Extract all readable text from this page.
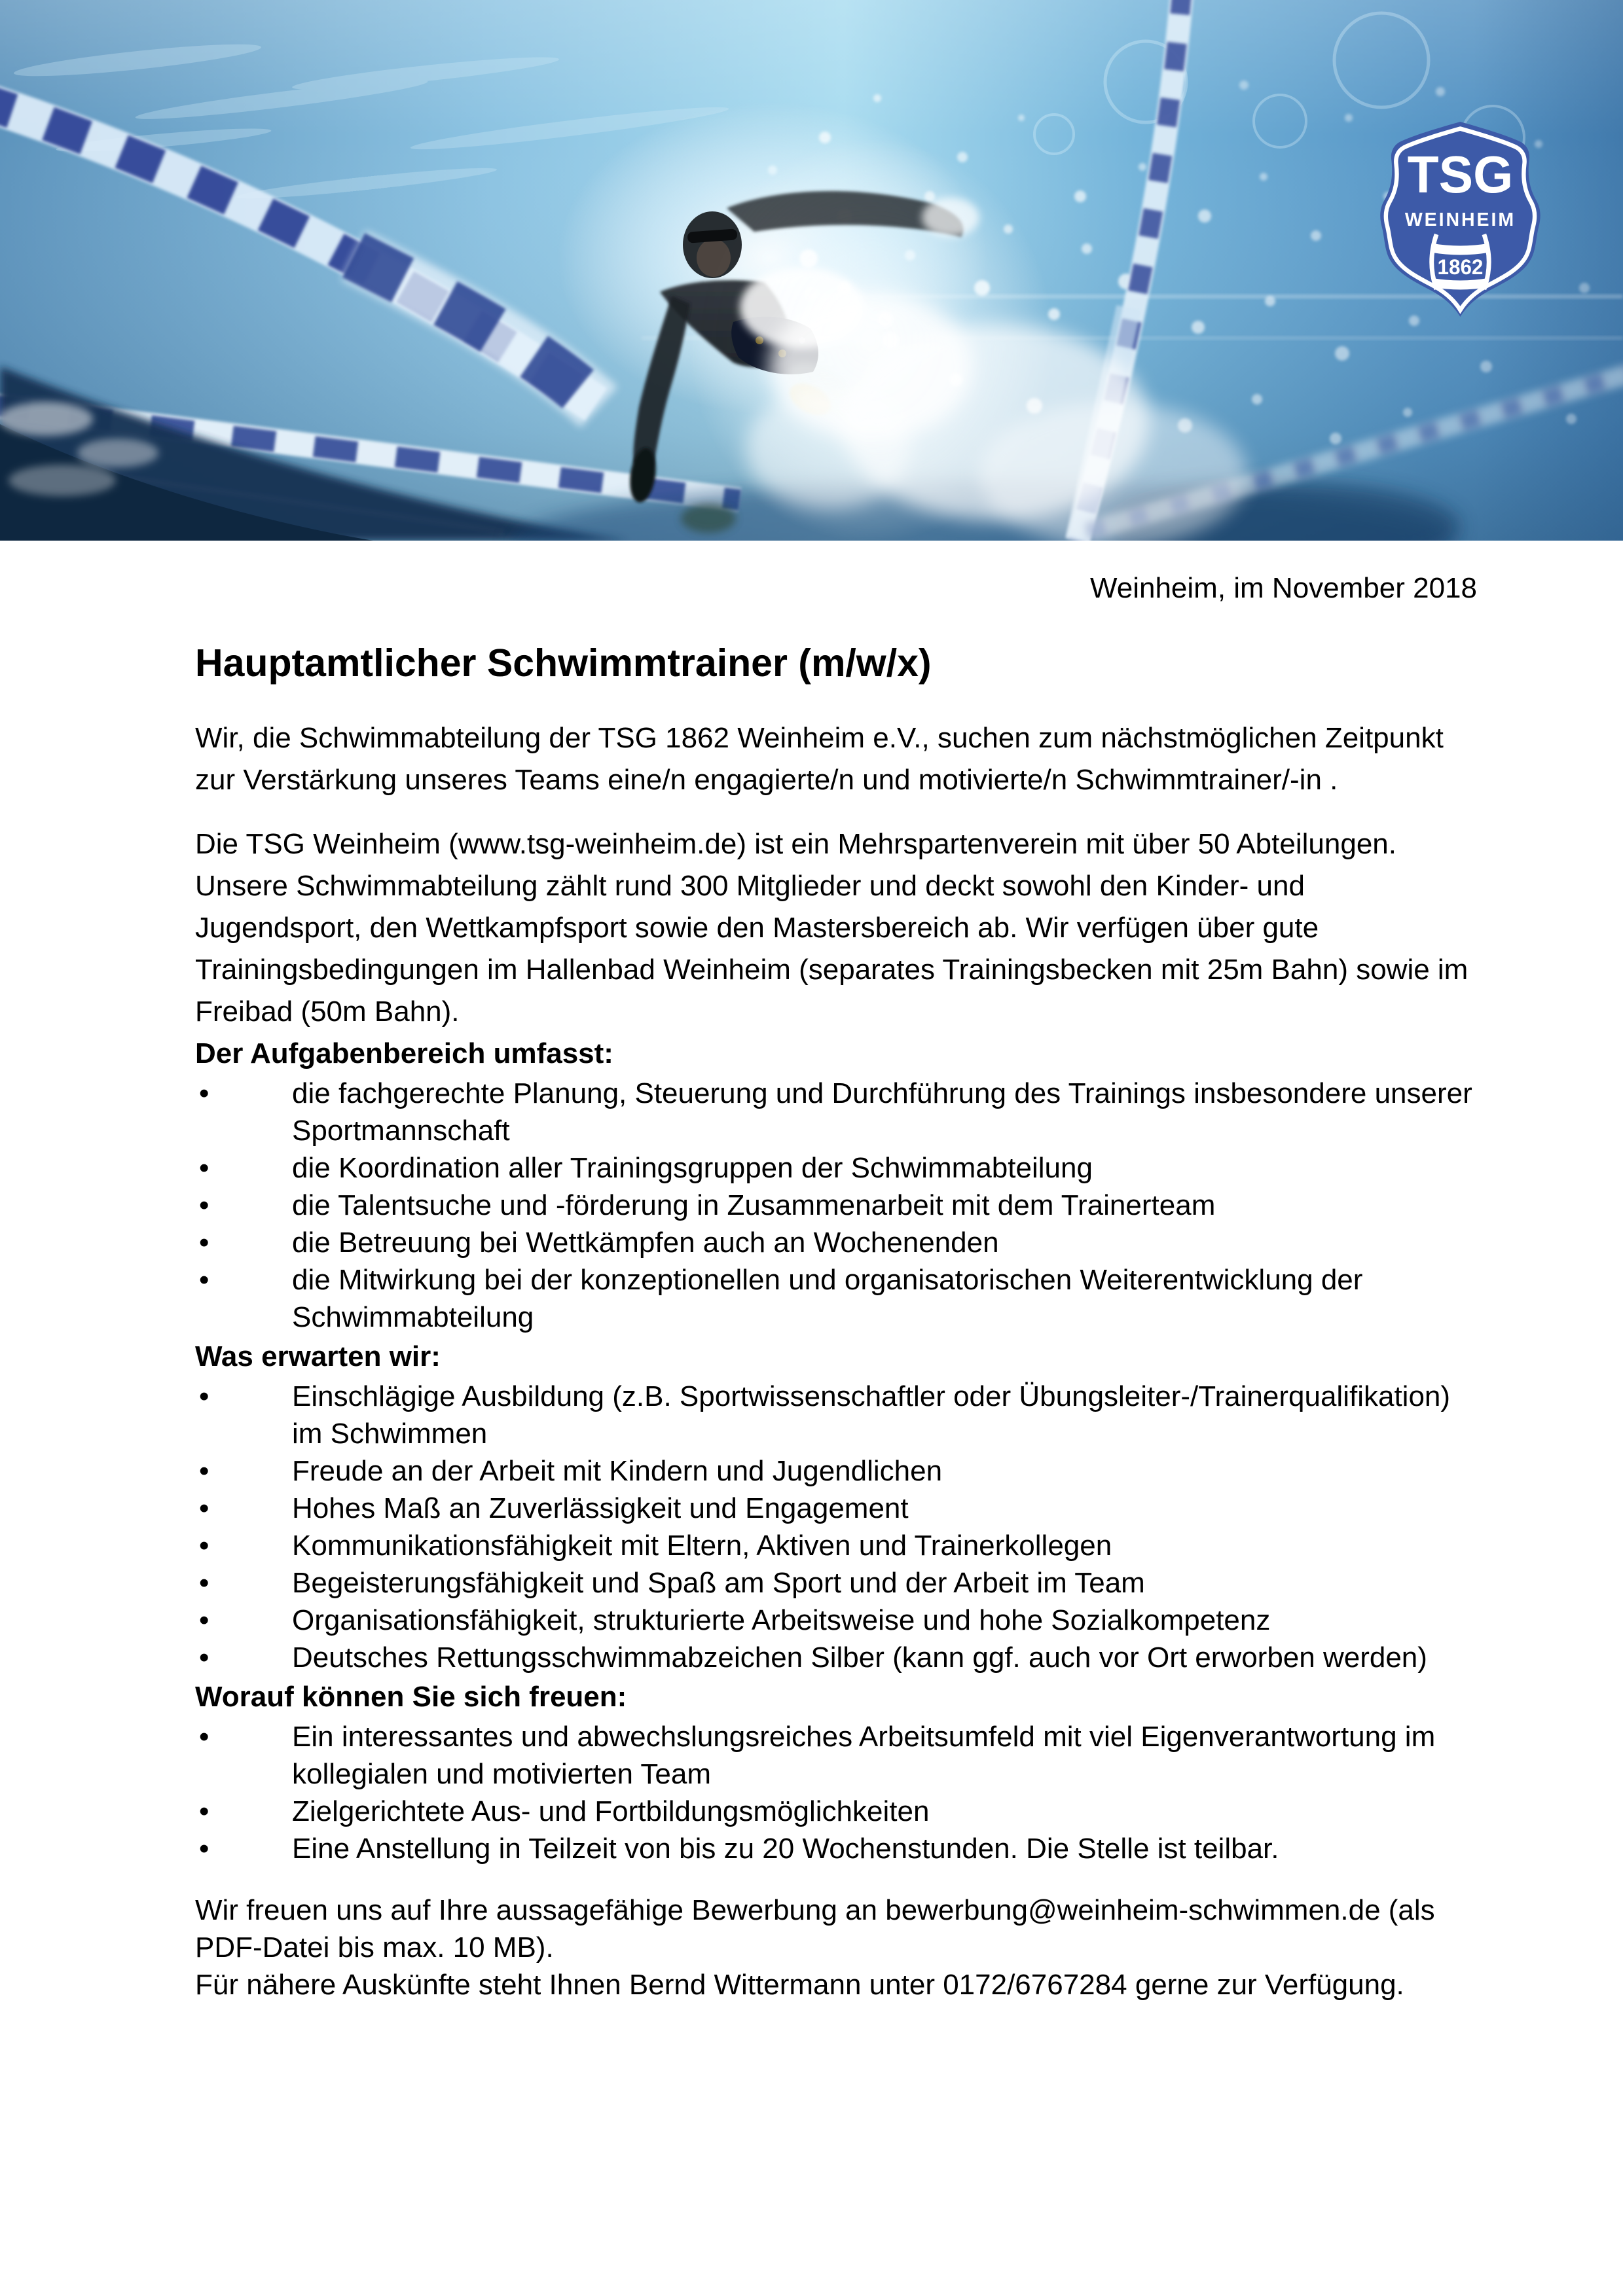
TSG
WEINHEIM
1862
Weinheim, im November 2018
Hauptamtlicher Schwimmtrainer (m/w/x)

Wir, die Schwimmabteilung der TSG 1862 Weinheim e.V., suchen zum nächstmöglichen Zeitpunkt zur Verstärkung unseres Teams eine/n engagierte/n und motivierte/n Schwimmtrainer/-in .

Die TSG Weinheim (www.tsg-weinheim.de) ist ein Mehrspartenverein mit über 50 Abteilungen. Unsere Schwimmabteilung zählt rund 300 Mitglieder und deckt sowohl den Kinder- und Jugendsport, den Wettkampfsport sowie den Mastersbereich ab. Wir verfügen über gute Trainingsbedingungen im Hallenbad Weinheim (separates Trainingsbecken mit 25m Bahn) sowie im Freibad (50m Bahn).

Der Aufgabenbereich umfasst:
• die fachgerechte Planung, Steuerung und Durchführung des Trainings insbesondere unserer Sportmannschaft
• die Koordination aller Trainingsgruppen der Schwimmabteilung
• die Talentsuche und -förderung in Zusammenarbeit mit dem Trainerteam
• die Betreuung bei Wettkämpfen auch an Wochenenden
• die Mitwirkung bei der konzeptionellen und organisatorischen Weiterentwicklung der Schwimmabteilung
Was erwarten wir:
• Einschlägige Ausbildung (z.B. Sportwissenschaftler oder Übungsleiter-/Trainerqualifikation) im Schwimmen
• Freude an der Arbeit mit Kindern und Jugendlichen
• Hohes Maß an Zuverlässigkeit und Engagement
• Kommunikationsfähigkeit mit Eltern, Aktiven und Trainerkollegen
• Begeisterungsfähigkeit und Spaß am Sport und der Arbeit im Team
• Organisationsfähigkeit, strukturierte Arbeitsweise und hohe Sozialkompetenz
• Deutsches Rettungsschwimmabzeichen Silber (kann ggf. auch vor Ort erworben werden)
Worauf können Sie sich freuen:
• Ein interessantes und abwechslungsreiches Arbeitsumfeld mit viel Eigenverantwortung im kollegialen und motivierten Team
• Zielgerichtete Aus- und Fortbildungsmöglichkeiten
• Eine Anstellung in Teilzeit von bis zu 20 Wochenstunden. Die Stelle ist teilbar.

Wir freuen uns auf Ihre aussagefähige Bewerbung an bewerbung@weinheim-schwimmen.de (als PDF-Datei bis max. 10 MB).

Für nähere Auskünfte steht Ihnen Bernd Wittermann unter 0172/6767284 gerne zur Verfügung.
